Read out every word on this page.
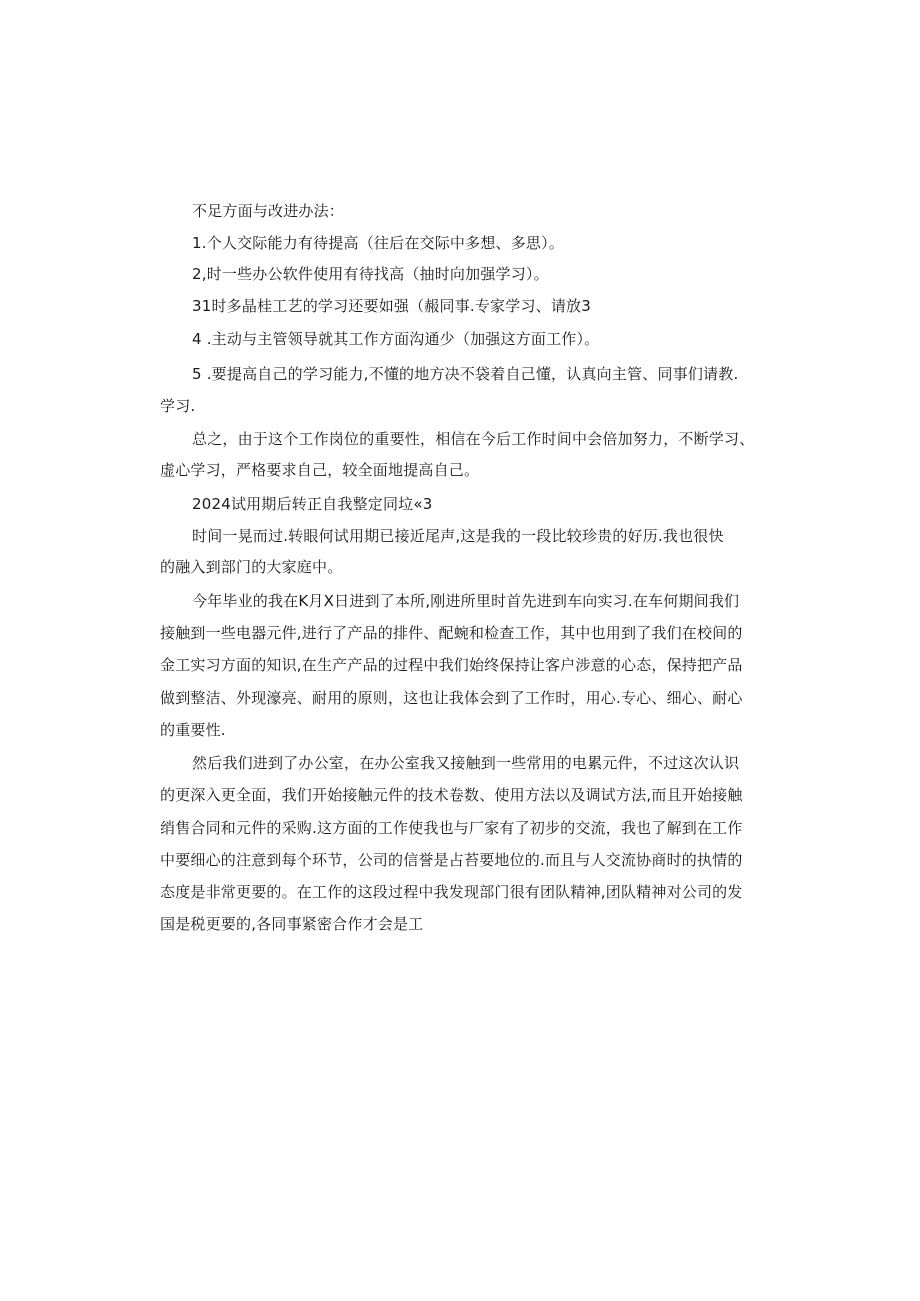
不足方面与改进办法：
1.个人交际能力有待提高（往后在交际中多想、多思）。
2,时一些办公软件使用有待找高（抽时向加强学习）。
31时多晶桂工艺的学习还要如强（赧同事.专家学习、请放3
4 .主动与主管领导就其工作方面沟通少（加强这方面工作）。
5 .要提高自己的学习能力,不懂的地方决不袋着自己懂，认真向主管、同事们请教.
学习.
总之，由于这个工作岗位的重要性，相信在今后工作时间中会倍加努力，不断学习、
虚心学习，严格要求自己，较全面地提高自己。
2024试用期后转正自我整定同垃«3
时间一晃而过.转眼何试用期已接近尾声,这是我的一段比较珍贵的好历.我也很快
的融入到部门的大家庭中。
今年毕业的我在K月X日进到了本所,刚进所里时首先进到车向实习.在车何期间我们
接触到一些电器元件,进行了产品的排件、配蜿和检查工作，其中也用到了我们在校间的
金工实习方面的知识,在生产产品的过程中我们始终保持让客户涉意的心态，保持把产品
做到整洁、外现濠亮、耐用的原则，这也让我体会到了工作时，用心.专心、细心、耐心
的重要性.
然后我们进到了办公室，在办公室我又接触到一些常用的电累元件，不过这次认识
的更深入更全面，我们开始接触元件的技术卷数、使用方法以及调试方法,而且开始接触
绡售合同和元件的采购.这方面的工作使我也与厂家有了初步的交流，我也了解到在工作
中要细心的注意到每个环节，公司的信誉是占苔要地位的.而且与人交流协商时的执情的
态度是非常更要的。在工作的这段过程中我发现部门很有团队精神,团队精神对公司的发
国是税更要的,各同事紧密合作才会是工
